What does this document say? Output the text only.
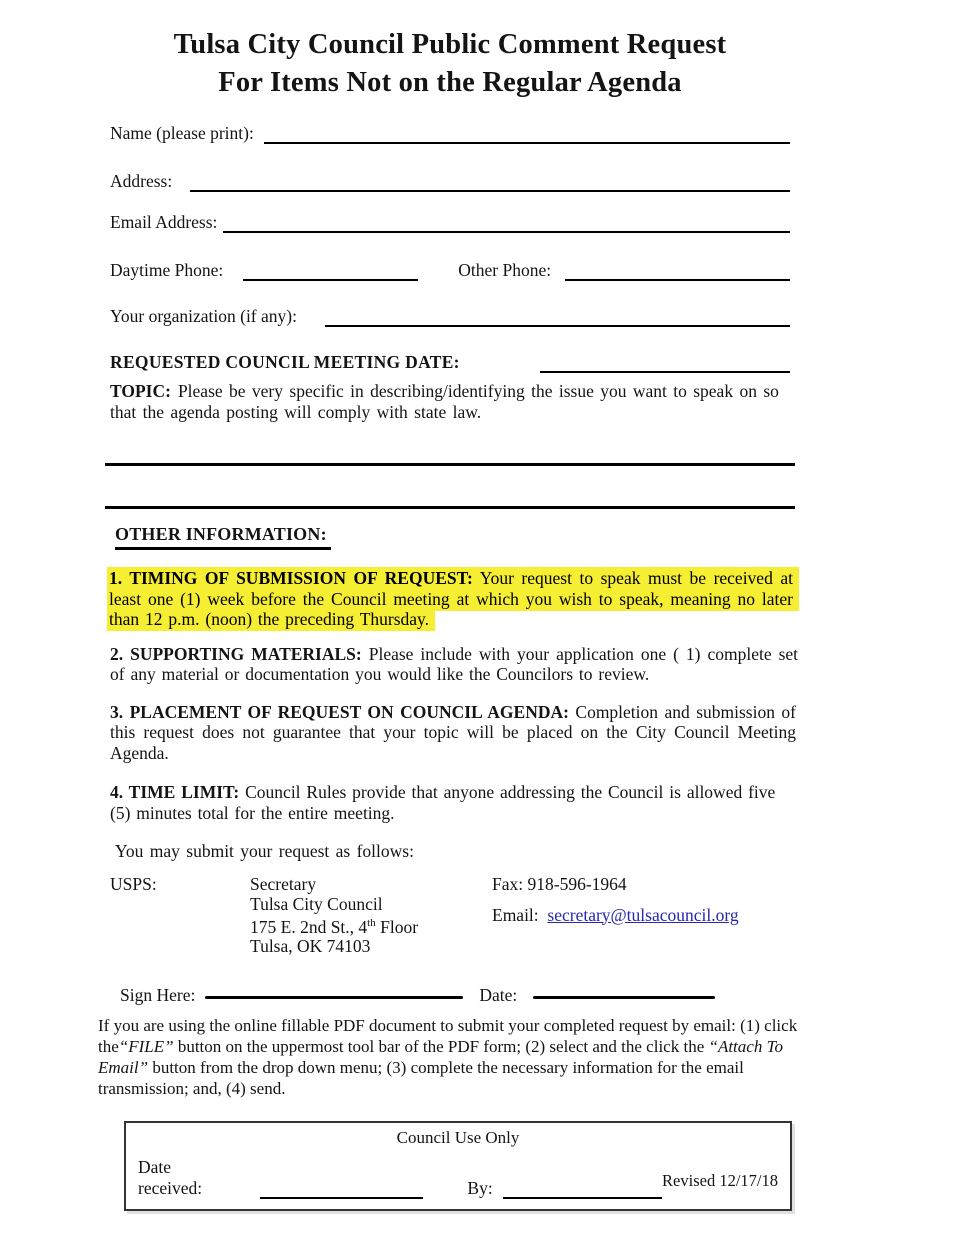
Tulsa City Council Public Comment Request
For Items Not on the Regular Agenda
Name (please print):
Address:
Email Address:
Daytime Phone:	Other Phone:
Your organization (if any):
REQUESTED COUNCIL MEETING DATE:

TOPIC: Please be very specific in describing/identifying the issue you want to speak on so that the agenda posting will comply with state law.

OTHER INFORMATION:

1. TIMING OF SUBMISSION OF REQUEST: Your request to speak must be received at least one (1) week before the Council meeting at which you wish to speak, meaning no later than 12 p.m. (noon) the preceding Thursday.

2. SUPPORTING MATERIALS: Please include with your application one ( 1) complete set of any material or documentation you would like the Councilors to review.

3. PLACEMENT OF REQUEST ON COUNCIL AGENDA: Completion and submission of this request does not guarantee that your topic will be placed on the City Council Meeting Agenda.

4. TIME LIMIT: Council Rules provide that anyone addressing the Council is allowed five (5) minutes total for the entire meeting.

You may submit your request as follows:

USPS:	Secretary
Tulsa City Council
175 E. 2nd St., 4th Floor
Tulsa, OK 74103
Fax: 918-596-1964
Email: secretary@tulsacouncil.org
Sign Here:	Date:

If you are using the online fillable PDF document to submit your completed request by email: (1) click the“FILE” button on the uppermost tool bar of the PDF form; (2) select and the click the “Attach To Email” button from the drop down menu; (3) complete the necessary information for the email transmission; and, (4) send.

Council Use Only
Date received:	By:	Revised 12/17/18
